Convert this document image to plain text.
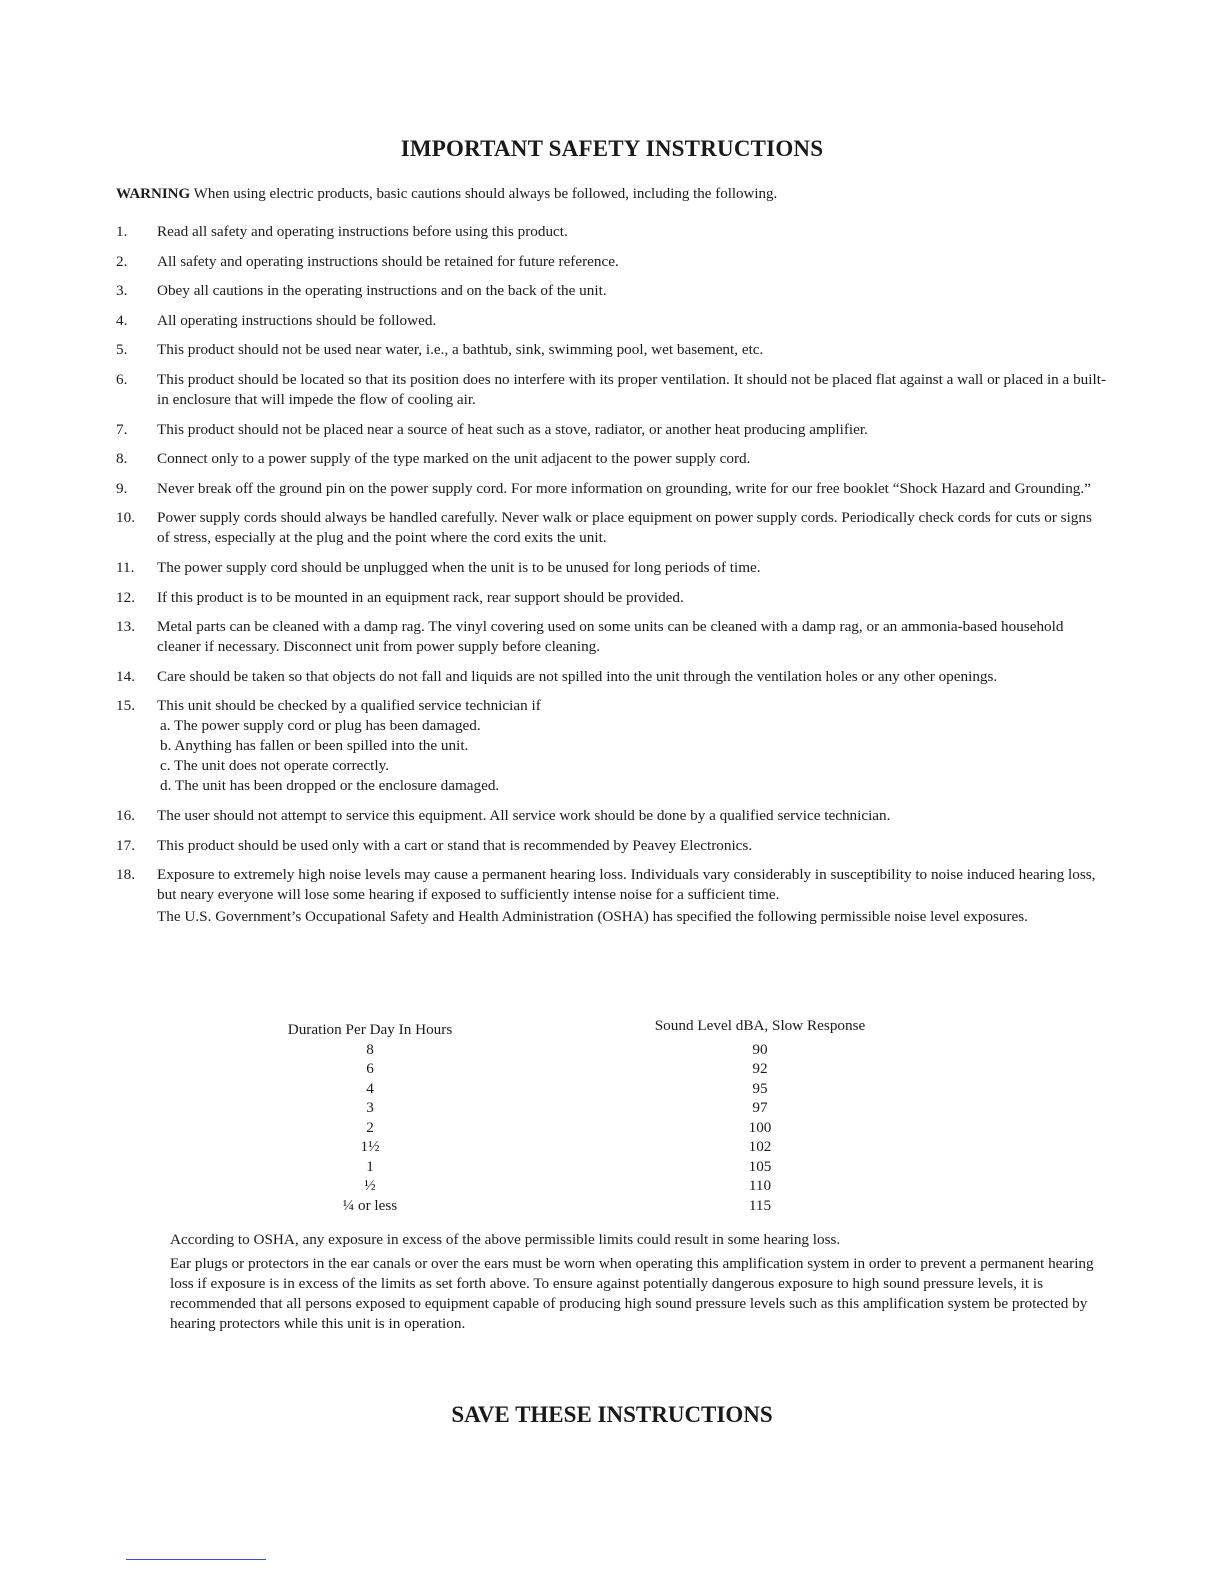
IMPORTANT SAFETY INSTRUCTIONS
WARNING When using electric products, basic cautions should always be followed, including the following.
1.	Read all safety and operating instructions before using this product.
2.	All safety and operating instructions should be retained for future reference.
3.	Obey all cautions in the operating instructions and on the back of the unit.
4.	All operating instructions should be followed.
5.	This product should not be used near water, i.e., a bathtub, sink, swimming pool, wet basement, etc.
6.	This product should be located so that its position does no interfere with its proper ventilation. It should not be placed flat against a wall or placed in a built-in enclosure that will impede the flow of cooling air.
7.	This product should not be placed near a source of heat such as a stove, radiator, or another heat producing amplifier.
8.	Connect only to a power supply of the type marked on the unit adjacent to the power supply cord.
9.	Never break off the ground pin on the power supply cord. For more information on grounding, write for our free booklet “Shock Hazard and Grounding.”
10.	Power supply cords should always be handled carefully. Never walk or place equipment on power supply cords. Periodically check cords for cuts or signs of stress, especially at the plug and the point where the cord exits the unit.
11.	The power supply cord should be unplugged when the unit is to be unused for long periods of time.
12.	If this product is to be mounted in an equipment rack, rear support should be provided.
13.	Metal parts can be cleaned with a damp rag. The vinyl covering used on some units can be cleaned with a damp rag, or an ammonia-based household cleaner if necessary. Disconnect unit from power supply before cleaning.
14.	Care should be taken so that objects do not fall and liquids are not spilled into the unit through the ventilation holes or any other openings.
15.	This unit should be checked by a qualified service technician if
a. The power supply cord or plug has been damaged.
b. Anything has fallen or been spilled into the unit.
c. The unit does not operate correctly.
d. The unit has been dropped or the enclosure damaged.
16.	The user should not attempt to service this equipment. All service work should be done by a qualified service technician.
17.	This product should be used only with a cart or stand that is recommended by Peavey Electronics.
18.	Exposure to extremely high noise levels may cause a permanent hearing loss. Individuals vary considerably in susceptibility to noise induced hearing loss, but neary everyone will lose some hearing if exposed to sufficiently intense noise for a sufficient time.
The U.S. Government’s Occupational Safety and Health Administration (OSHA) has specified the following permissible noise level exposures.
Duration Per Day In Hours	Sound Level dBA, Slow Response
8	90
6	92
4	95
3	97
2	100
1½	102
1	105
½	110
¼ or less	115

According to OSHA, any exposure in excess of the above permissible limits could result in some hearing loss.

Ear plugs or protectors in the ear canals or over the ears must be worn when operating this amplification system in order to prevent a permanent hearing loss if exposure is in excess of the limits as set forth above. To ensure against potentially dangerous exposure to high sound pressure levels, it is recommended that all persons exposed to equipment capable of producing high sound pressure levels such as this amplification system be protected by hearing protectors while this unit is in operation.

SAVE THESE INSTRUCTIONS
